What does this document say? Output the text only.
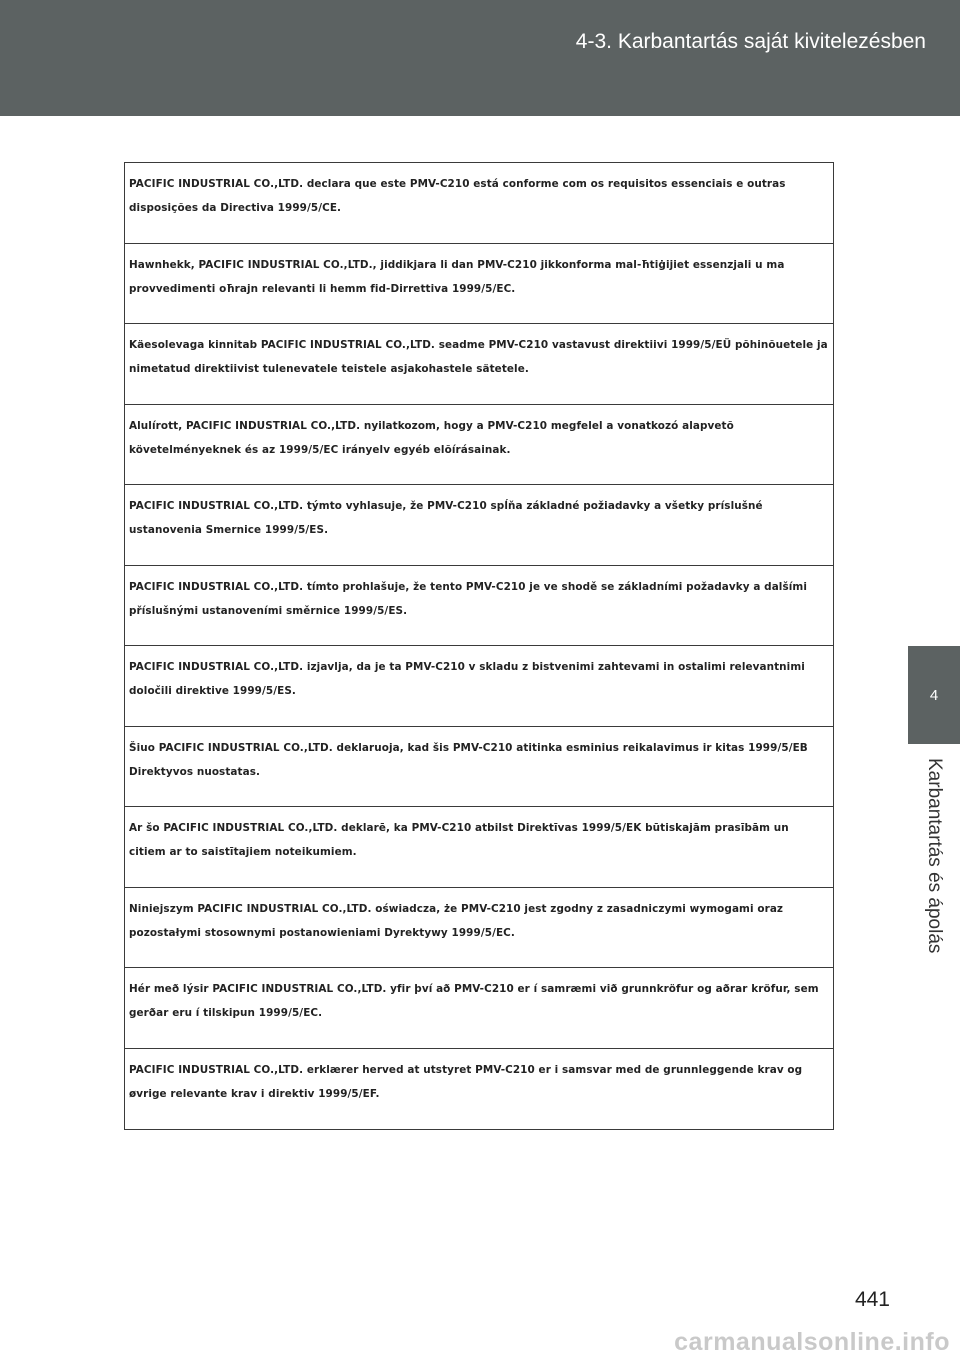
4-3. Karbantartás saját kivitelezésben
PACIFIC INDUSTRIAL CO.,LTD. declara que este PMV-C210 está conforme com os requisitos essenciais e outras disposições da Directiva 1999/5/CE.
Hawnhekk, PACIFIC INDUSTRIAL CO.,LTD., jiddikjara li dan PMV-C210 jikkonforma mal-ħtiġijiet essenzjali u ma provvedimenti oħrajn relevanti li hemm fid-Dirrettiva 1999/5/EC.
Käesolevaga kinnitab PACIFIC INDUSTRIAL CO.,LTD. seadme PMV-C210 vastavust direktiivi 1999/5/EÜ põhinõuetele ja nimetatud direktiivist tulenevatele teistele asjakohastele sätetele.
Alulírott, PACIFIC INDUSTRIAL CO.,LTD. nyilatkozom, hogy a PMV-C210 megfelel a vonatkozó alapvetõ követelményeknek és az 1999/5/EC irányelv egyéb elõírásainak.
PACIFIC INDUSTRIAL CO.,LTD. týmto vyhlasuje, že PMV-C210 spĺňa základné požiadavky a všetky príslušné ustanovenia Smernice 1999/5/ES.
PACIFIC INDUSTRIAL CO.,LTD. tímto prohlašuje, že tento PMV-C210 je ve shodě se základními požadavky a dalšími příslušnými ustanoveními směrnice 1999/5/ES.
PACIFIC INDUSTRIAL CO.,LTD. izjavlja, da je ta PMV-C210 v skladu z bistvenimi zahtevami in ostalimi relevantnimi določili direktive 1999/5/ES.
Šiuo PACIFIC INDUSTRIAL CO.,LTD. deklaruoja, kad šis PMV-C210 atitinka esminius reikalavimus ir kitas 1999/5/EB Direktyvos nuostatas.
Ar šo PACIFIC INDUSTRIAL CO.,LTD. deklarē, ka PMV-C210 atbilst Direktīvas 1999/5/EK būtiskajām prasībām un citiem ar to saistītajiem noteikumiem.
Niniejszym PACIFIC INDUSTRIAL CO.,LTD. oświadcza, że PMV-C210 jest zgodny z zasadniczymi wymogami oraz pozostałymi stosownymi postanowieniami Dyrektywy 1999/5/EC.
Hér með lýsir PACIFIC INDUSTRIAL CO.,LTD. yfir því að PMV-C210 er í samræmi við grunnkröfur og aðrar kröfur, sem gerðar eru í tilskipun 1999/5/EC.
PACIFIC INDUSTRIAL CO.,LTD. erklærer herved at utstyret PMV-C210 er i samsvar med de grunnleggende krav og øvrige relevante krav i direktiv 1999/5/EF.
4
Karbantartás és ápolás
441
carmanualsonline.info
